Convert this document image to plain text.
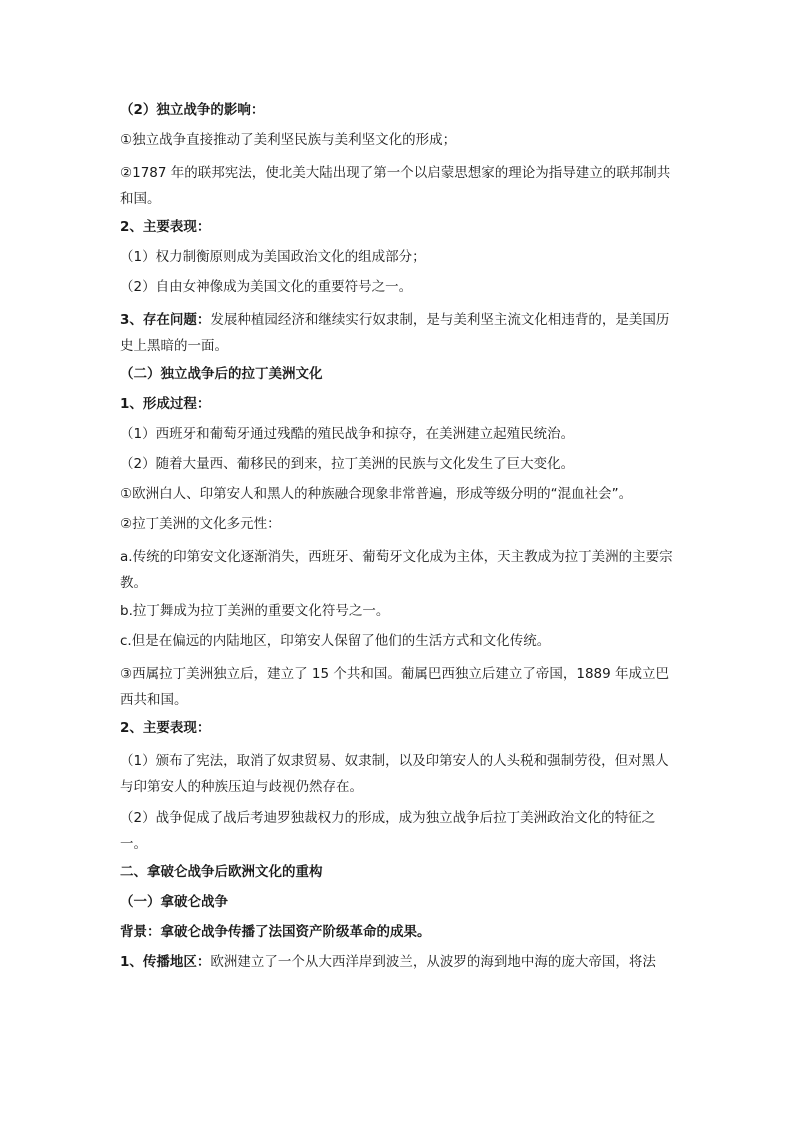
（2）独立战争的影响：

①独立战争直接推动了美利坚民族与美利坚文化的形成；

②1787 年的联邦宪法，使北美大陆出现了第一个以启蒙思想家的理论为指导建立的联邦制共和国。

2、主要表现：

（1）权力制衡原则成为美国政治文化的组成部分；

（2）自由女神像成为美国文化的重要符号之一。

3、存在问题：发展种植园经济和继续实行奴隶制，是与美利坚主流文化相违背的，是美国历史上黑暗的一面。

（二）独立战争后的拉丁美洲文化

1、形成过程：

（1）西班牙和葡萄牙通过残酷的殖民战争和掠夺，在美洲建立起殖民统治。

（2）随着大量西、葡移民的到来，拉丁美洲的民族与文化发生了巨大变化。

①欧洲白人、印第安人和黑人的种族融合现象非常普遍，形成等级分明的“混血社会”。

②拉丁美洲的文化多元性：

a.传统的印第安文化逐渐消失，西班牙、葡萄牙文化成为主体，天主教成为拉丁美洲的主要宗教。

b.拉丁舞成为拉丁美洲的重要文化符号之一。

c.但是在偏远的内陆地区，印第安人保留了他们的生活方式和文化传统。

③西属拉丁美洲独立后，建立了 15 个共和国。葡属巴西独立后建立了帝国，1889 年成立巴西共和国。

2、主要表现：

（1）颁布了宪法，取消了奴隶贸易、奴隶制，以及印第安人的人头税和强制劳役，但对黑人与印第安人的种族压迫与歧视仍然存在。

（2）战争促成了战后考迪罗独裁权力的形成，成为独立战争后拉丁美洲政治文化的特征之一。

二、拿破仑战争后欧洲文化的重构

（一）拿破仑战争

背景：拿破仑战争传播了法国资产阶级革命的成果。

1、传播地区：欧洲建立了一个从大西洋岸到波兰，从波罗的海到地中海的庞大帝国，将法
